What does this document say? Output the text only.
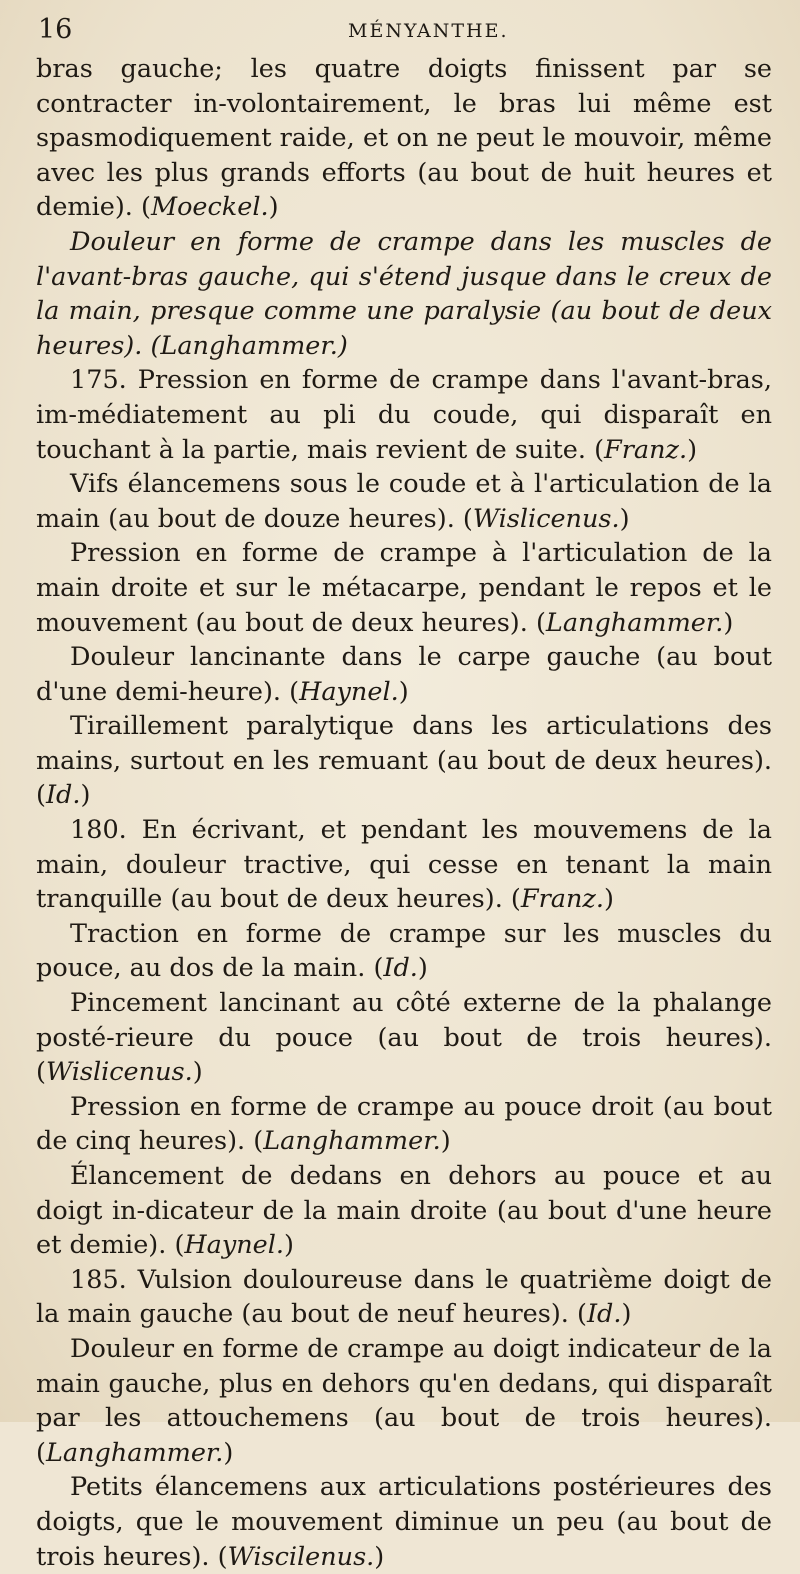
16	MÉNYANTHE.

bras gauche; les quatre doigts finissent par se contracter in-volontairement, le bras lui même est spasmodiquement raide, et on ne peut le mouvoir, même avec les plus grands efforts (au bout de huit heures et demie). (Moeckel.)

Douleur en forme de crampe dans les muscles de l'avant-bras gauche, qui s'étend jusque dans le creux de la main, presque comme une paralysie (au bout de deux heures). (Langhammer.)

175. Pression en forme de crampe dans l'avant-bras, im-médiatement au pli du coude, qui disparaît en touchant à la partie, mais revient de suite. (Franz.)

Vifs élancemens sous le coude et à l'articulation de la main (au bout de douze heures). (Wislicenus.)

Pression en forme de crampe à l'articulation de la main droite et sur le métacarpe, pendant le repos et le mouvement (au bout de deux heures). (Langhammer.)

Douleur lancinante dans le carpe gauche (au bout d'une demi-heure). (Haynel.)

Tiraillement paralytique dans les articulations des mains, surtout en les remuant (au bout de deux heures). (Id.)

180. En écrivant, et pendant les mouvemens de la main, douleur tractive, qui cesse en tenant la main tranquille (au bout de deux heures). (Franz.)

Traction en forme de crampe sur les muscles du pouce, au dos de la main. (Id.)

Pincement lancinant au côté externe de la phalange posté-rieure du pouce (au bout de trois heures). (Wislicenus.)

Pression en forme de crampe au pouce droit (au bout de cinq heures). (Langhammer.)

Élancement de dedans en dehors au pouce et au doigt in-dicateur de la main droite (au bout d'une heure et demie). (Haynel.)

185. Vulsion douloureuse dans le quatrième doigt de la main gauche (au bout de neuf heures). (Id.)

Douleur en forme de crampe au doigt indicateur de la main gauche, plus en dehors qu'en dedans, qui disparaît par les attouchemens (au bout de trois heures). (Langhammer.)

Petits élancemens aux articulations postérieures des doigts, que le mouvement diminue un peu (au bout de trois heures). (Wiscilenus.)
